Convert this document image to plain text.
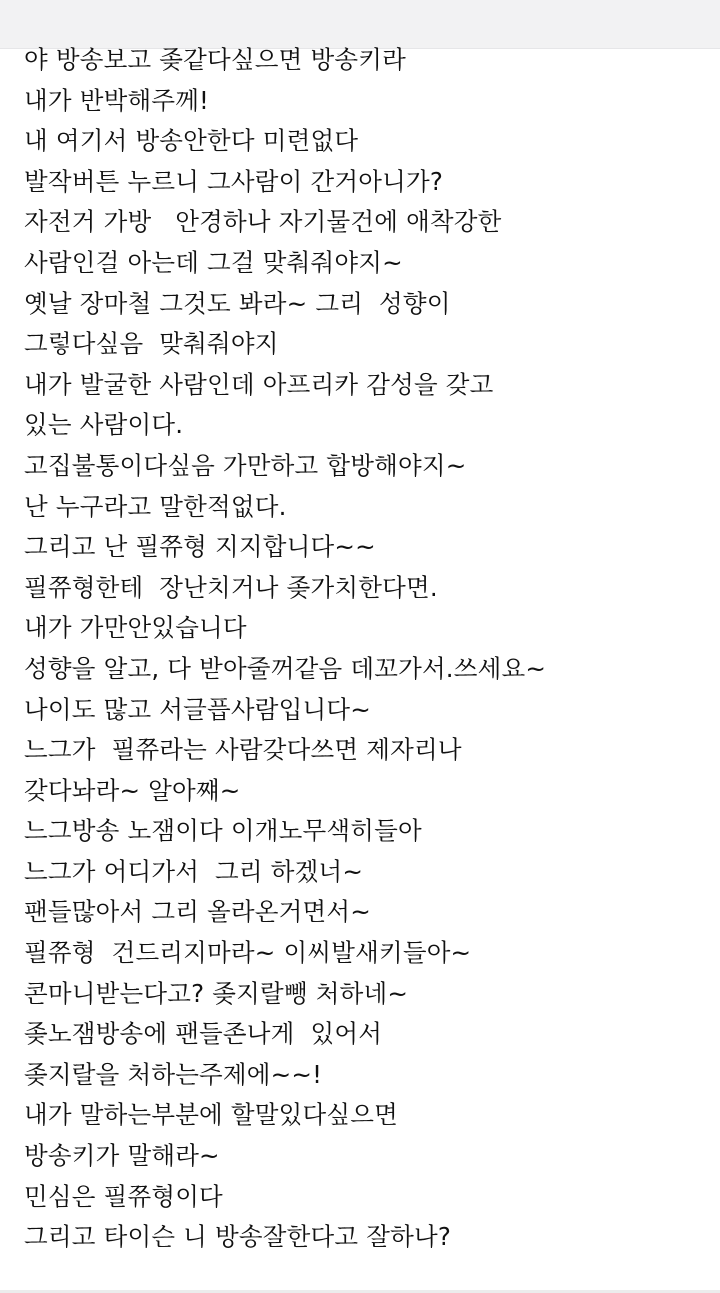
야 방송보고 좆같다싶으면 방송키라
내가 반박해주께!
내 여기서 방송안한다 미련없다
발작버튼 누르니 그사람이 간거아니가?
자전거 가방   안경하나 자기물건에 애착강한
사람인걸 아는데 그걸 맞춰줘야지~
옛날 장마철 그것도 봐라~ 그리  성향이
그렇다싶음  맞춰줘야지
내가 발굴한 사람인데 아프리카 감성을 갖고
있는 사람이다.
고집불통이다싶음 가만하고 합방해야지~
난 누구라고 말한적없다.
그리고 난 필쮸형 지지합니다~~
필쮸형한테  장난치거나 좆가치한다면.
내가 가만안있습니다
성향을 알고, 다 받아줄꺼같음 데꼬가서.쓰세요~
나이도 많고 서글픕사람입니다~
느그가  필쮸라는 사람갖다쓰면 제자리나
갖다놔라~ 알아쨰~
느그방송 노잼이다 이개노무색히들아
느그가 어디가서  그리 하겠너~
팬들많아서 그리 올라온거면서~
필쮸형  건드리지마라~ 이씨발새키들아~
콘마니받는다고? 좆지랄뺑 처하네~
좆노잼방송에 팬들존나게  있어서
좆지랄을 처하는주제에~~!
내가 말하는부분에 할말있다싶으면
방송키가 말해라~
민심은 필쮸형이다
그리고 타이슨 니 방송잘한다고 잘하나?
